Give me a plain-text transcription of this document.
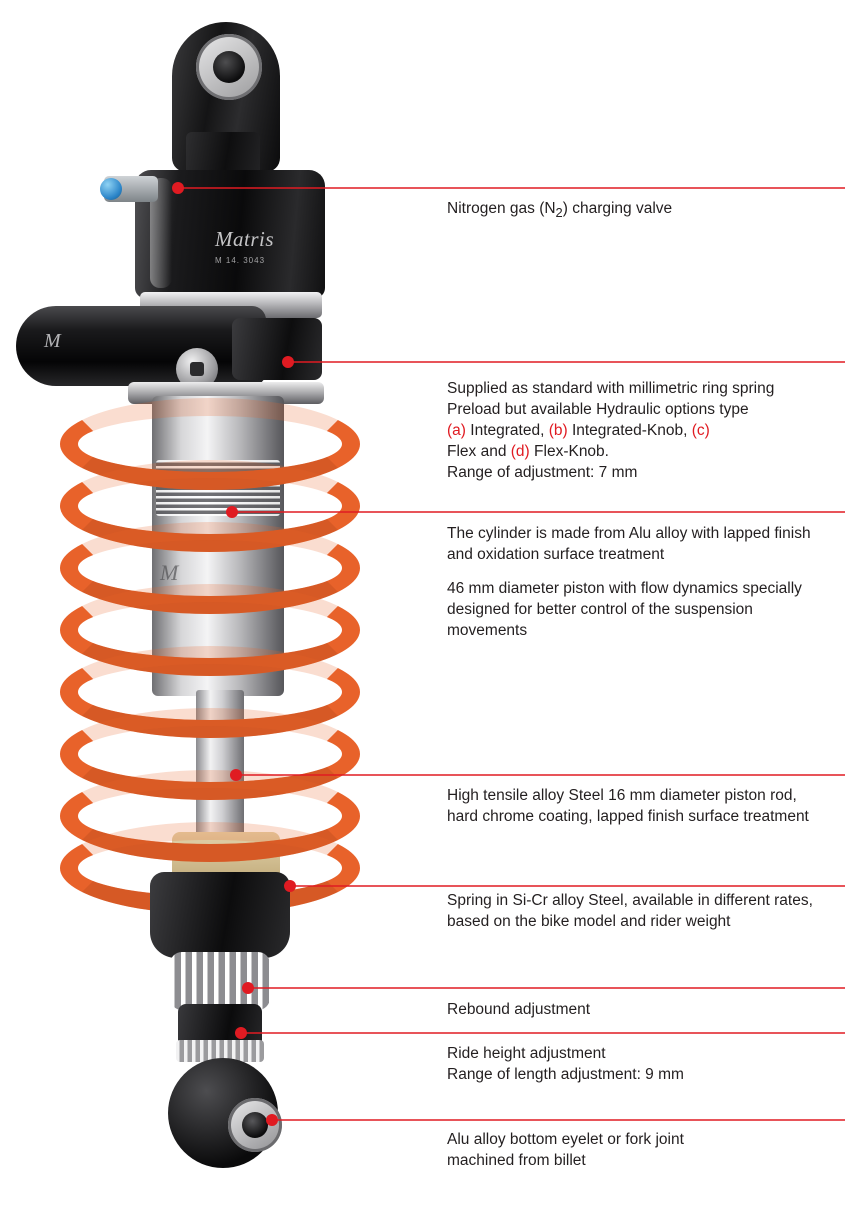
Matris
M 14. 3043
M
M

Nitrogen gas $(N_2)$ charging valve

Supplied as standard with millimetric ring spring

Preload but available Hydraulic options type

(a) Integrated, (b) Integrated-Knob, (c)

Flex and (d) Flex-Knob.

Range of adjustment: 7 mm

The cylinder is made from Alu alloy with lapped finish and oxidation surface treatment

46 mm diameter piston with flow dynamics specially designed for better control of the suspension movements

High tensile alloy Steel 16 mm diameter piston rod, hard chrome coating, lapped finish surface treatment

Spring in Si-Cr alloy Steel, available in different rates, based on the bike model and rider weight

Rebound adjustment

Ride height adjustment

Range of length adjustment: 9 mm

Alu alloy bottom eyelet or fork joint

machined from billet
